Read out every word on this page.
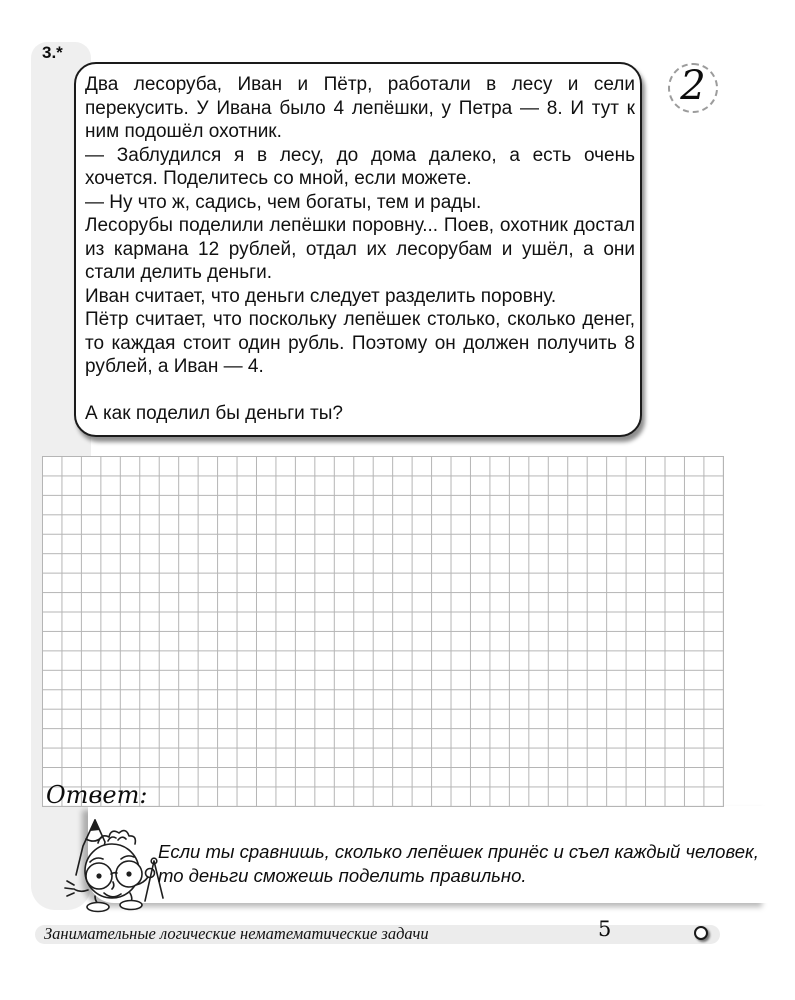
3.*

Два лесоруба, Иван и Пётр, работали в лесу и сели перекусить. У Ивана было 4 лепёшки, у Петра — 8. И тут к ним подошёл охотник.

— Заблудился я в лесу, до дома далеко, а есть очень хочется. Поделитесь со мной, если можете.

— Ну что ж, садись, чем богаты, тем и рады.

Лесорубы поделили лепёшки поровну... Поев, охотник достал из кармана 12 рублей, отдал их лесорубам и ушёл, а они стали делить деньги.

Иван считает, что деньги следует разделить поровну.

Пётр считает, что поскольку лепёшек столько, сколько денег, то каждая стоит один рубль. Поэтому он должен получить 8 рублей, а Иван — 4.

А как поделил бы деньги ты?

2
Ответ:
Если ты сравнишь, сколько лепёшек принёс и съел каждый человек, то деньги сможешь поделить правильно.
Занимательные логические нематематические задачи	5
